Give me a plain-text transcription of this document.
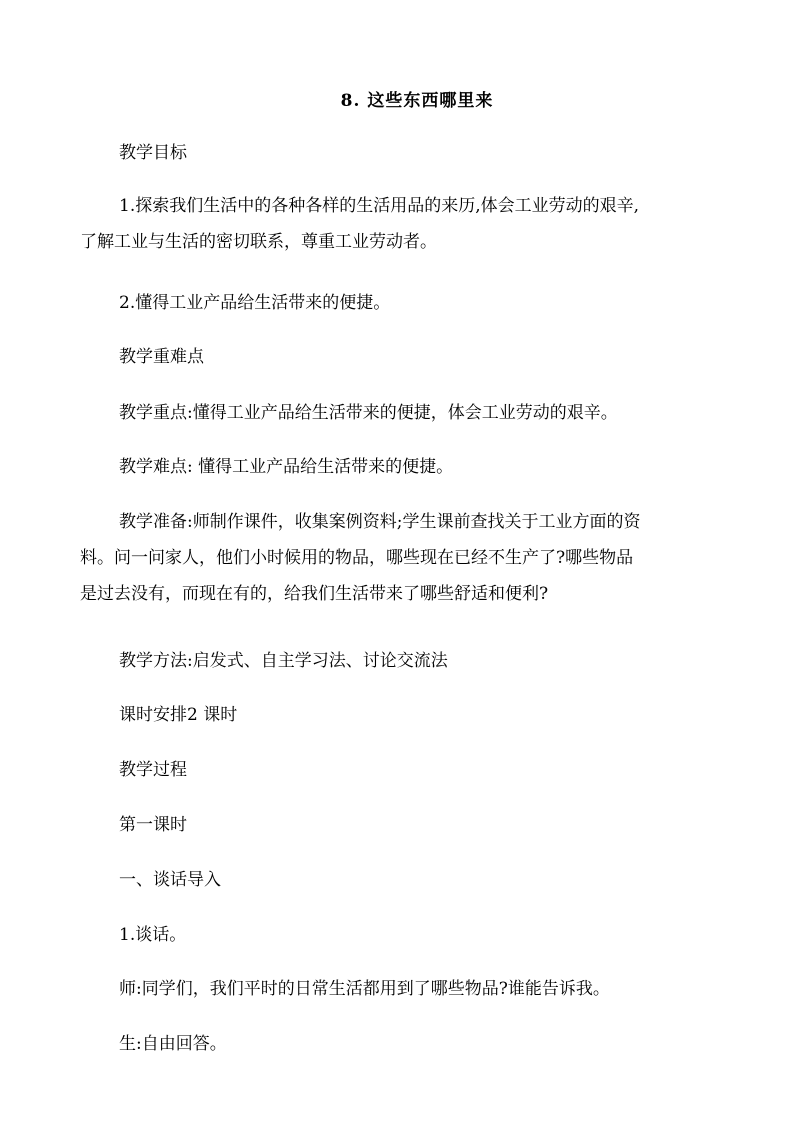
8. 这些东西哪里来
教学目标
1.探索我们生活中的各种各样的生活用品的来历,体会工业劳动的艰辛,
了解工业与生活的密切联系，尊重工业劳动者。
2.懂得工业产品给生活带来的便捷。
教学重难点
教学重点:懂得工业产品给生活带来的便捷，体会工业劳动的艰辛。
教学难点: 懂得工业产品给生活带来的便捷。
教学准备:师制作课件，收集案例资料;学生课前查找关于工业方面的资
料。问一问家人，他们小时候用的物品，哪些现在已经不生产了?哪些物品
是过去没有，而现在有的，给我们生活带来了哪些舒适和便利?
教学方法:启发式、自主学习法、讨论交流法
课时安排2 课时
教学过程
第一课时
一、谈话导入
1.谈话。
师:同学们，我们平时的日常生活都用到了哪些物品?谁能告诉我。
生:自由回答。
